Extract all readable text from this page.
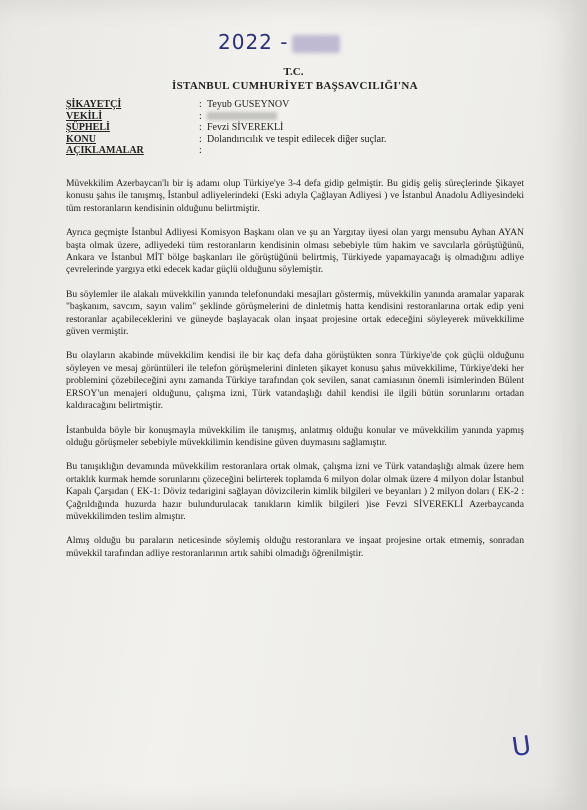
2022 -
T.C.
İSTANBUL CUMHURİYET BAŞSAVCILIĞI'NA
ŞİKAYETÇİ	: Teyub GUSEYNOV
VEKİLİ	:
ŞÜPHELİ	: Fevzi SİVEREKLİ
KONU	: Dolandırıcılık ve tespit edilecek diğer suçlar.
AÇIKLAMALAR	:

Müvekkilim Azerbaycan'lı bir iş adamı olup Türkiye'ye 3-4 defa gidip gelmiştir. Bu gidiş geliş süreçlerinde Şikayet konusu şahıs ile tanışmış, İstanbul adliyelerindeki (Eski adıyla Çağlayan Adliyesi ) ve İstanbul Anadolu Adliyesindeki tüm restoranların kendisinin olduğunu belirtmiştir.

Ayrıca geçmişte İstanbul Adliyesi Komisyon Başkanı olan ve şu an Yargıtay üyesi olan yargı mensubu Ayhan AYAN başta olmak üzere, adliyedeki tüm restoranların kendisinin olması sebebiyle tüm hakim ve savcılarla görüştüğünü, Ankara ve İstanbul MİT bölge başkanları ile görüştüğünü belirtmiş, Türkiyede yapamayacağı iş olmadığını adliye çevrelerinde yargıya etki edecek kadar güçlü olduğunu söylemiştir.

Bu söylemler ile alakalı müvekkilin yanında telefonundaki mesajları göstermiş, müvekkilin yanında aramalar yaparak "başkanım, savcım, sayın valim" şeklinde görüşmelerini de dinletmiş hatta kendisini restoranlarına ortak edip yeni restoranlar açabileceklerini ve güneyde başlayacak olan inşaat projesine ortak edeceğini söyleyerek müvekkilime güven vermiştir.

Bu olayların akabinde müvekkilim kendisi ile bir kaç defa daha görüştükten sonra Türkiye'de çok güçlü olduğunu söyleyen ve mesaj görüntüleri ile telefon görüşmelerini dinleten şikayet konusu şahıs müvekkilime, Türkiye'deki her problemini çözebileceğini aynı zamanda Türkiye tarafından çok sevilen, sanat camiasının önemli isimlerinden Bülent ERSOY'un menajeri olduğunu, çalışma izni, Türk vatandaşlığı dahil kendisi ile ilgili bütün sorunlarını ortadan kaldıracağını belirtmiştir.

İstanbulda böyle bir konuşmayla müvekkilim ile tanışmış, anlatmış olduğu konular ve müvekkilim yanında yapmış olduğu görüşmeler sebebiyle müvekkilimin kendisine güven duymasını sağlamıştır.

Bu tanışıklığın devamında müvekkilim restoranlara ortak olmak, çalışma izni ve Türk vatandaşlığı almak üzere hem ortaklık kurmak hemde sorunlarını çözeceğini belirterek toplamda 6 milyon dolar olmak üzere 4 milyon dolar İstanbul Kapalı Çarşıdan ( EK-1: Döviz tedarigini sağlayan dövizcilerin kimlik bilgileri ve beyanları ) 2 milyon doları ( EK-2 : Çağrıldığında huzurda hazır bulundurulacak tanıkların kimlik bilgileri )ise Fevzi SİVEREKLİ Azerbaycanda müvekkilimden teslim almıştır.

Almış olduğu bu paraların neticesinde söylemiş olduğu restoranlara ve inşaat projesine ortak etmemiş, sonradan müvekkil tarafından adliye restoranlarının artık sahibi olmadığı öğrenilmiştir.

U
